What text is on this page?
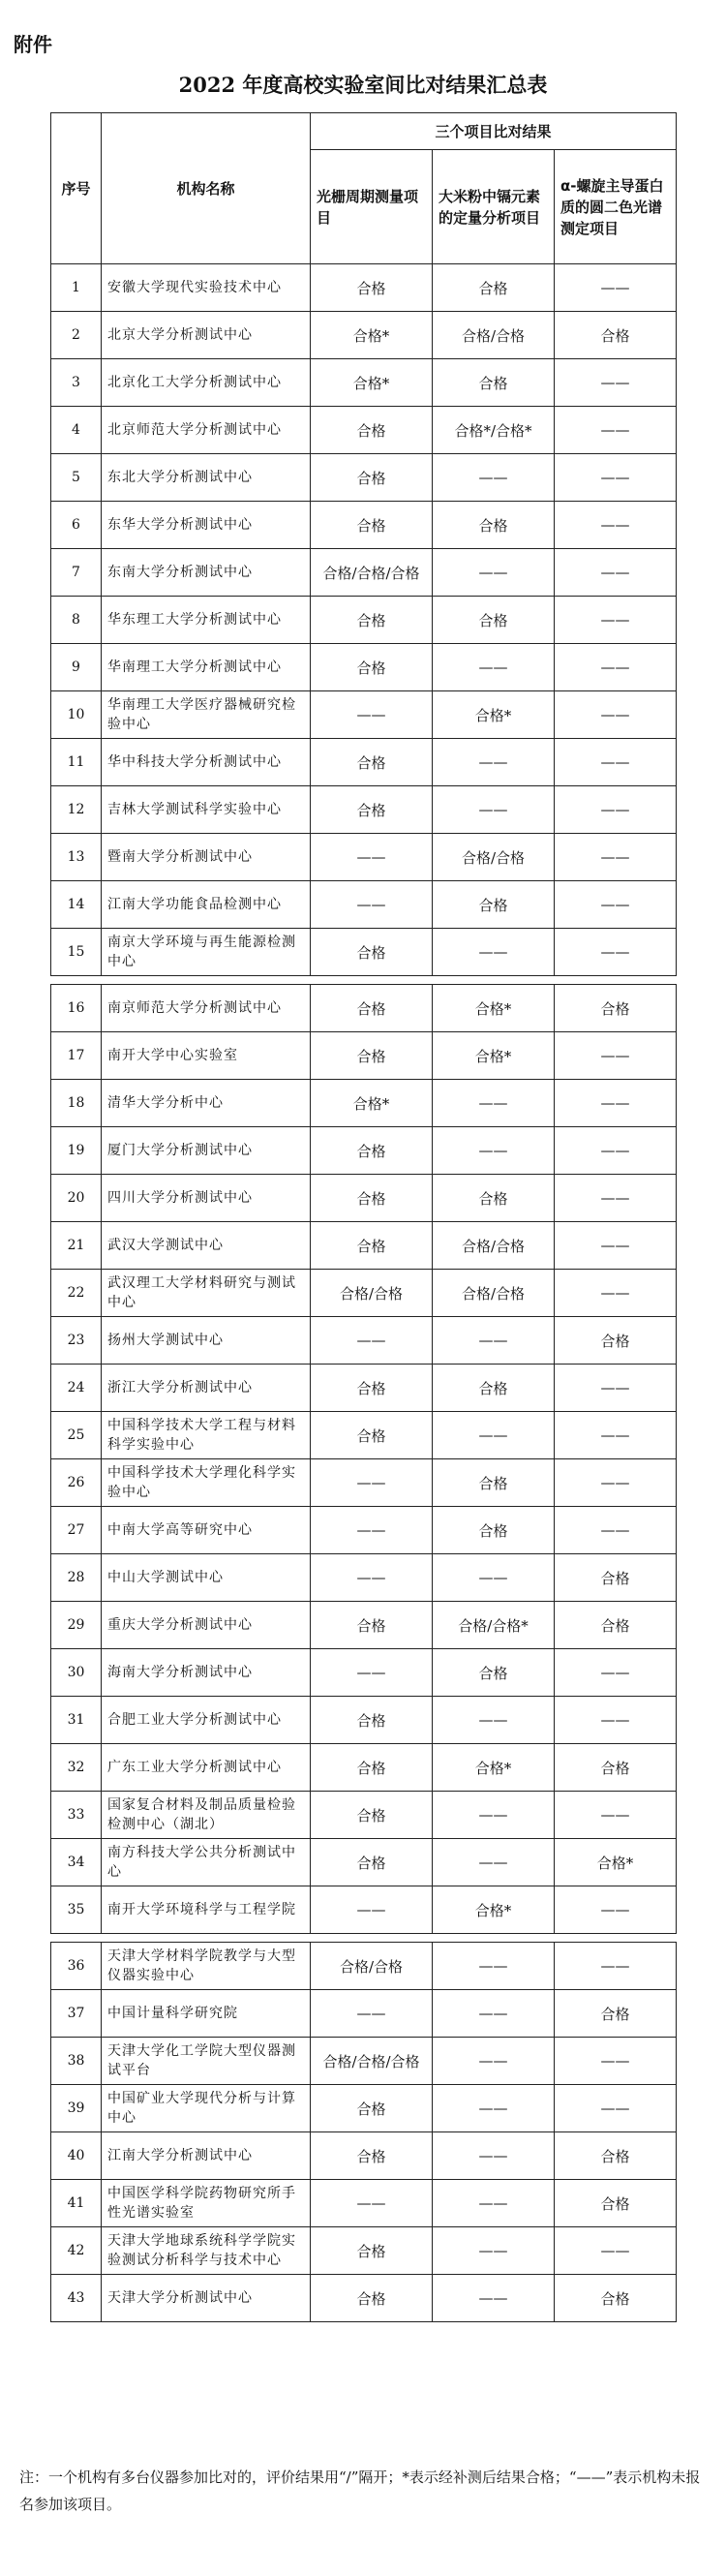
附件
2022 年度高校实验室间比对结果汇总表
序号	机构名称	三个项目比对结果		
		光栅周期测量项目	大米粉中镉元素的定量分析项目	α-螺旋主导蛋白质的圆二色光谱测定项目
1	安徽大学现代实验技术中心	合格	合格	——
2	北京大学分析测试中心	合格*	合格/合格	合格
3	北京化工大学分析测试中心	合格*	合格	——
4	北京师范大学分析测试中心	合格	合格*/合格*	——
5	东北大学分析测试中心	合格	——	——
6	东华大学分析测试中心	合格	合格	——
7	东南大学分析测试中心	合格/合格/合格	——	——
8	华东理工大学分析测试中心	合格	合格	——
9	华南理工大学分析测试中心	合格	——	——
10	华南理工大学医疗器械研究检验中心	——	合格*	——
11	华中科技大学分析测试中心	合格	——	——
12	吉林大学测试科学实验中心	合格	——	——
13	暨南大学分析测试中心	——	合格/合格	——
14	江南大学功能食品检测中心	——	合格	——
15	南京大学环境与再生能源检测中心	合格	——	——

16	南京师范大学分析测试中心	合格	合格*	合格
17	南开大学中心实验室	合格	合格*	——
18	清华大学分析中心	合格*	——	——
19	厦门大学分析测试中心	合格	——	——
20	四川大学分析测试中心	合格	合格	——
21	武汉大学测试中心	合格	合格/合格	——
22	武汉理工大学材料研究与测试中心	合格/合格	合格/合格	——
23	扬州大学测试中心	——	——	合格
24	浙江大学分析测试中心	合格	合格	——
25	中国科学技术大学工程与材料科学实验中心	合格	——	——
26	中国科学技术大学理化科学实验中心	——	合格	——
27	中南大学高等研究中心	——	合格	——
28	中山大学测试中心	——	——	合格
29	重庆大学分析测试中心	合格	合格/合格*	合格
30	海南大学分析测试中心	——	合格	——
31	合肥工业大学分析测试中心	合格	——	——
32	广东工业大学分析测试中心	合格	合格*	合格
33	国家复合材料及制品质量检验检测中心（湖北）	合格	——	——
34	南方科技大学公共分析测试中心	合格	——	合格*
35	南开大学环境科学与工程学院	——	合格*	——

36	天津大学材料学院教学与大型仪器实验中心	合格/合格	——	——
37	中国计量科学研究院	——	——	合格
38	天津大学化工学院大型仪器测试平台	合格/合格/合格	——	——
39	中国矿业大学现代分析与计算中心	合格	——	——
40	江南大学分析测试中心	合格	——	合格
41	中国医学科学院药物研究所手性光谱实验室	——	——	合格
42	天津大学地球系统科学学院实验测试分析科学与技术中心	合格	——	——
43	天津大学分析测试中心	合格	——	合格
注：一个机构有多台仪器参加比对的，评价结果用“/”隔开；*表示经补测后结果合格；“——”表示机构未报名参加该项目。
